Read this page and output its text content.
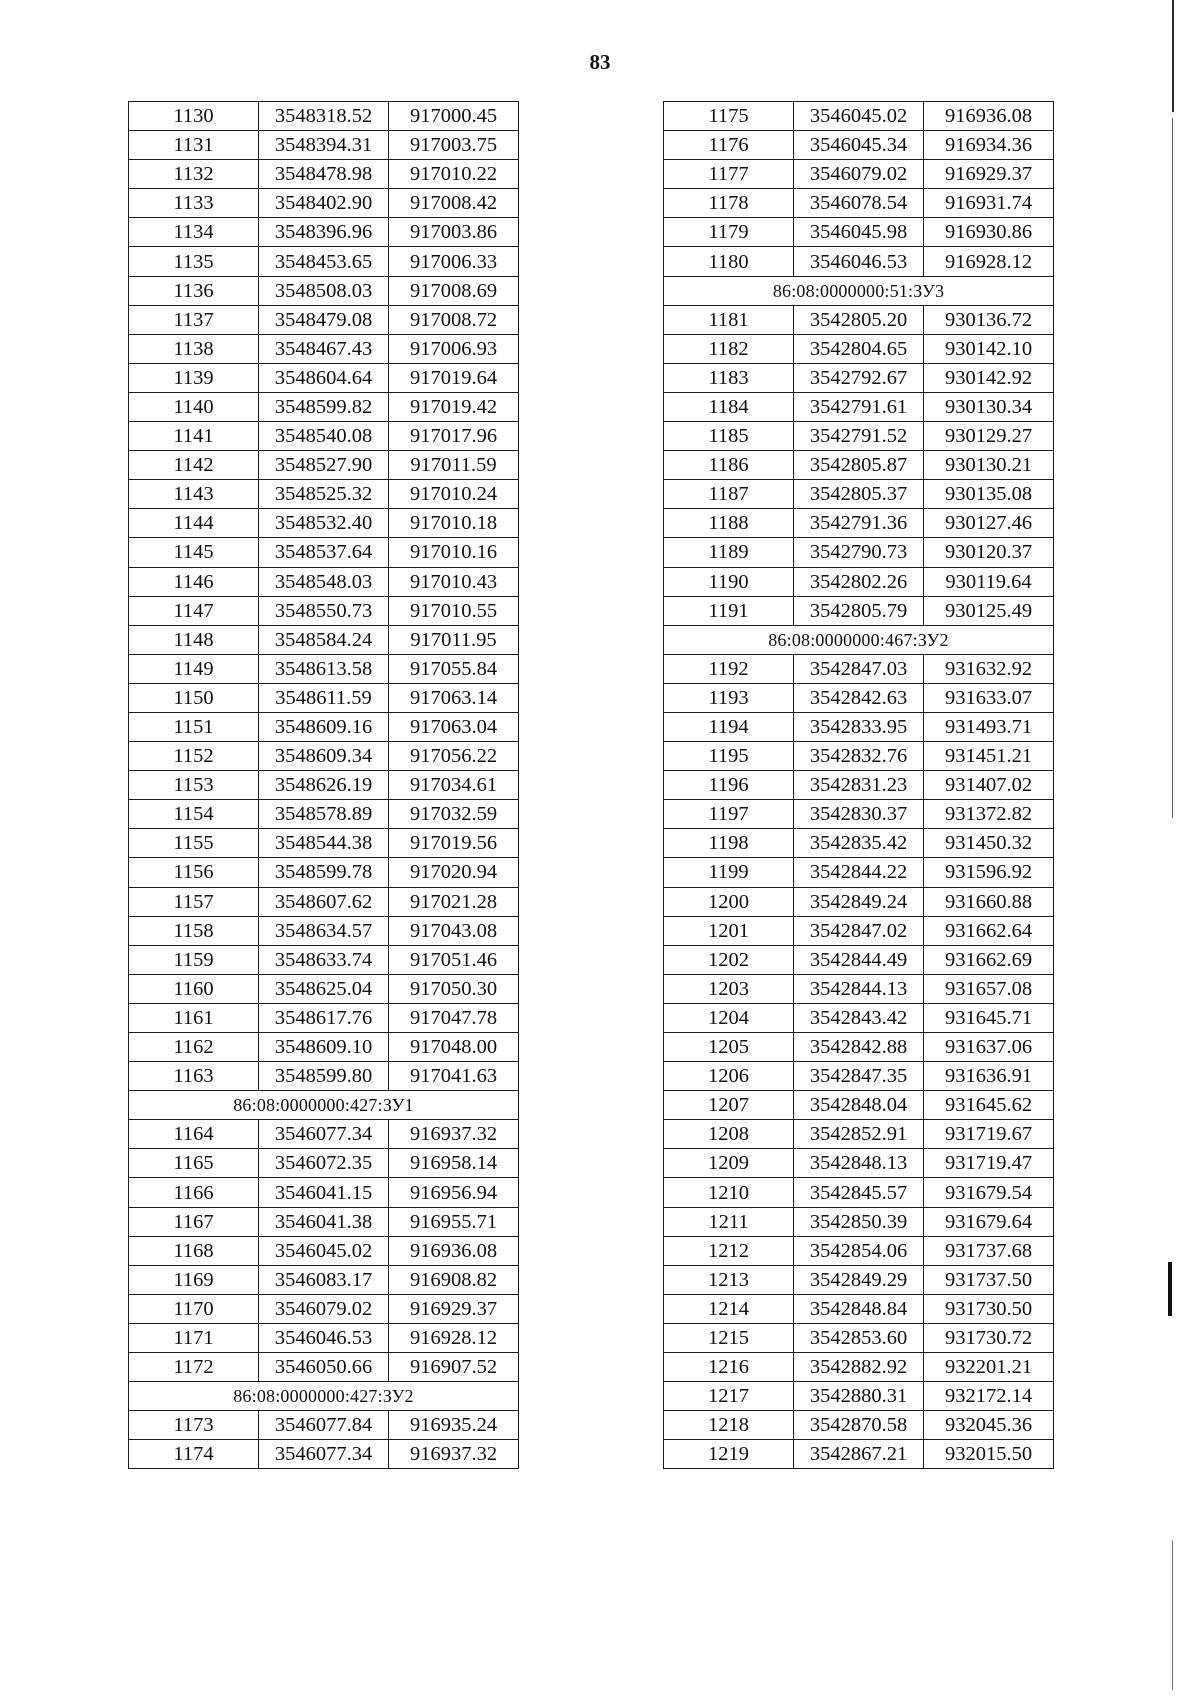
83
1130	3548318.52	917000.45
1131	3548394.31	917003.75
1132	3548478.98	917010.22
1133	3548402.90	917008.42
1134	3548396.96	917003.86
1135	3548453.65	917006.33
1136	3548508.03	917008.69
1137	3548479.08	917008.72
1138	3548467.43	917006.93
1139	3548604.64	917019.64
1140	3548599.82	917019.42
1141	3548540.08	917017.96
1142	3548527.90	917011.59
1143	3548525.32	917010.24
1144	3548532.40	917010.18
1145	3548537.64	917010.16
1146	3548548.03	917010.43
1147	3548550.73	917010.55
1148	3548584.24	917011.95
1149	3548613.58	917055.84
1150	3548611.59	917063.14
1151	3548609.16	917063.04
1152	3548609.34	917056.22
1153	3548626.19	917034.61
1154	3548578.89	917032.59
1155	3548544.38	917019.56
1156	3548599.78	917020.94
1157	3548607.62	917021.28
1158	3548634.57	917043.08
1159	3548633.74	917051.46
1160	3548625.04	917050.30
1161	3548617.76	917047.78
1162	3548609.10	917048.00
1163	3548599.80	917041.63
86:08:0000000:427:ЗУ1		
1164	3546077.34	916937.32
1165	3546072.35	916958.14
1166	3546041.15	916956.94
1167	3546041.38	916955.71
1168	3546045.02	916936.08
1169	3546083.17	916908.82
1170	3546079.02	916929.37
1171	3546046.53	916928.12
1172	3546050.66	916907.52
86:08:0000000:427:ЗУ2		
1173	3546077.84	916935.24
1174	3546077.34	916937.32
1175	3546045.02	916936.08
1176	3546045.34	916934.36
1177	3546079.02	916929.37
1178	3546078.54	916931.74
1179	3546045.98	916930.86
1180	3546046.53	916928.12
86:08:0000000:51:ЗУ3		
1181	3542805.20	930136.72
1182	3542804.65	930142.10
1183	3542792.67	930142.92
1184	3542791.61	930130.34
1185	3542791.52	930129.27
1186	3542805.87	930130.21
1187	3542805.37	930135.08
1188	3542791.36	930127.46
1189	3542790.73	930120.37
1190	3542802.26	930119.64
1191	3542805.79	930125.49
86:08:0000000:467:ЗУ2		
1192	3542847.03	931632.92
1193	3542842.63	931633.07
1194	3542833.95	931493.71
1195	3542832.76	931451.21
1196	3542831.23	931407.02
1197	3542830.37	931372.82
1198	3542835.42	931450.32
1199	3542844.22	931596.92
1200	3542849.24	931660.88
1201	3542847.02	931662.64
1202	3542844.49	931662.69
1203	3542844.13	931657.08
1204	3542843.42	931645.71
1205	3542842.88	931637.06
1206	3542847.35	931636.91
1207	3542848.04	931645.62
1208	3542852.91	931719.67
1209	3542848.13	931719.47
1210	3542845.57	931679.54
1211	3542850.39	931679.64
1212	3542854.06	931737.68
1213	3542849.29	931737.50
1214	3542848.84	931730.50
1215	3542853.60	931730.72
1216	3542882.92	932201.21
1217	3542880.31	932172.14
1218	3542870.58	932045.36
1219	3542867.21	932015.50
